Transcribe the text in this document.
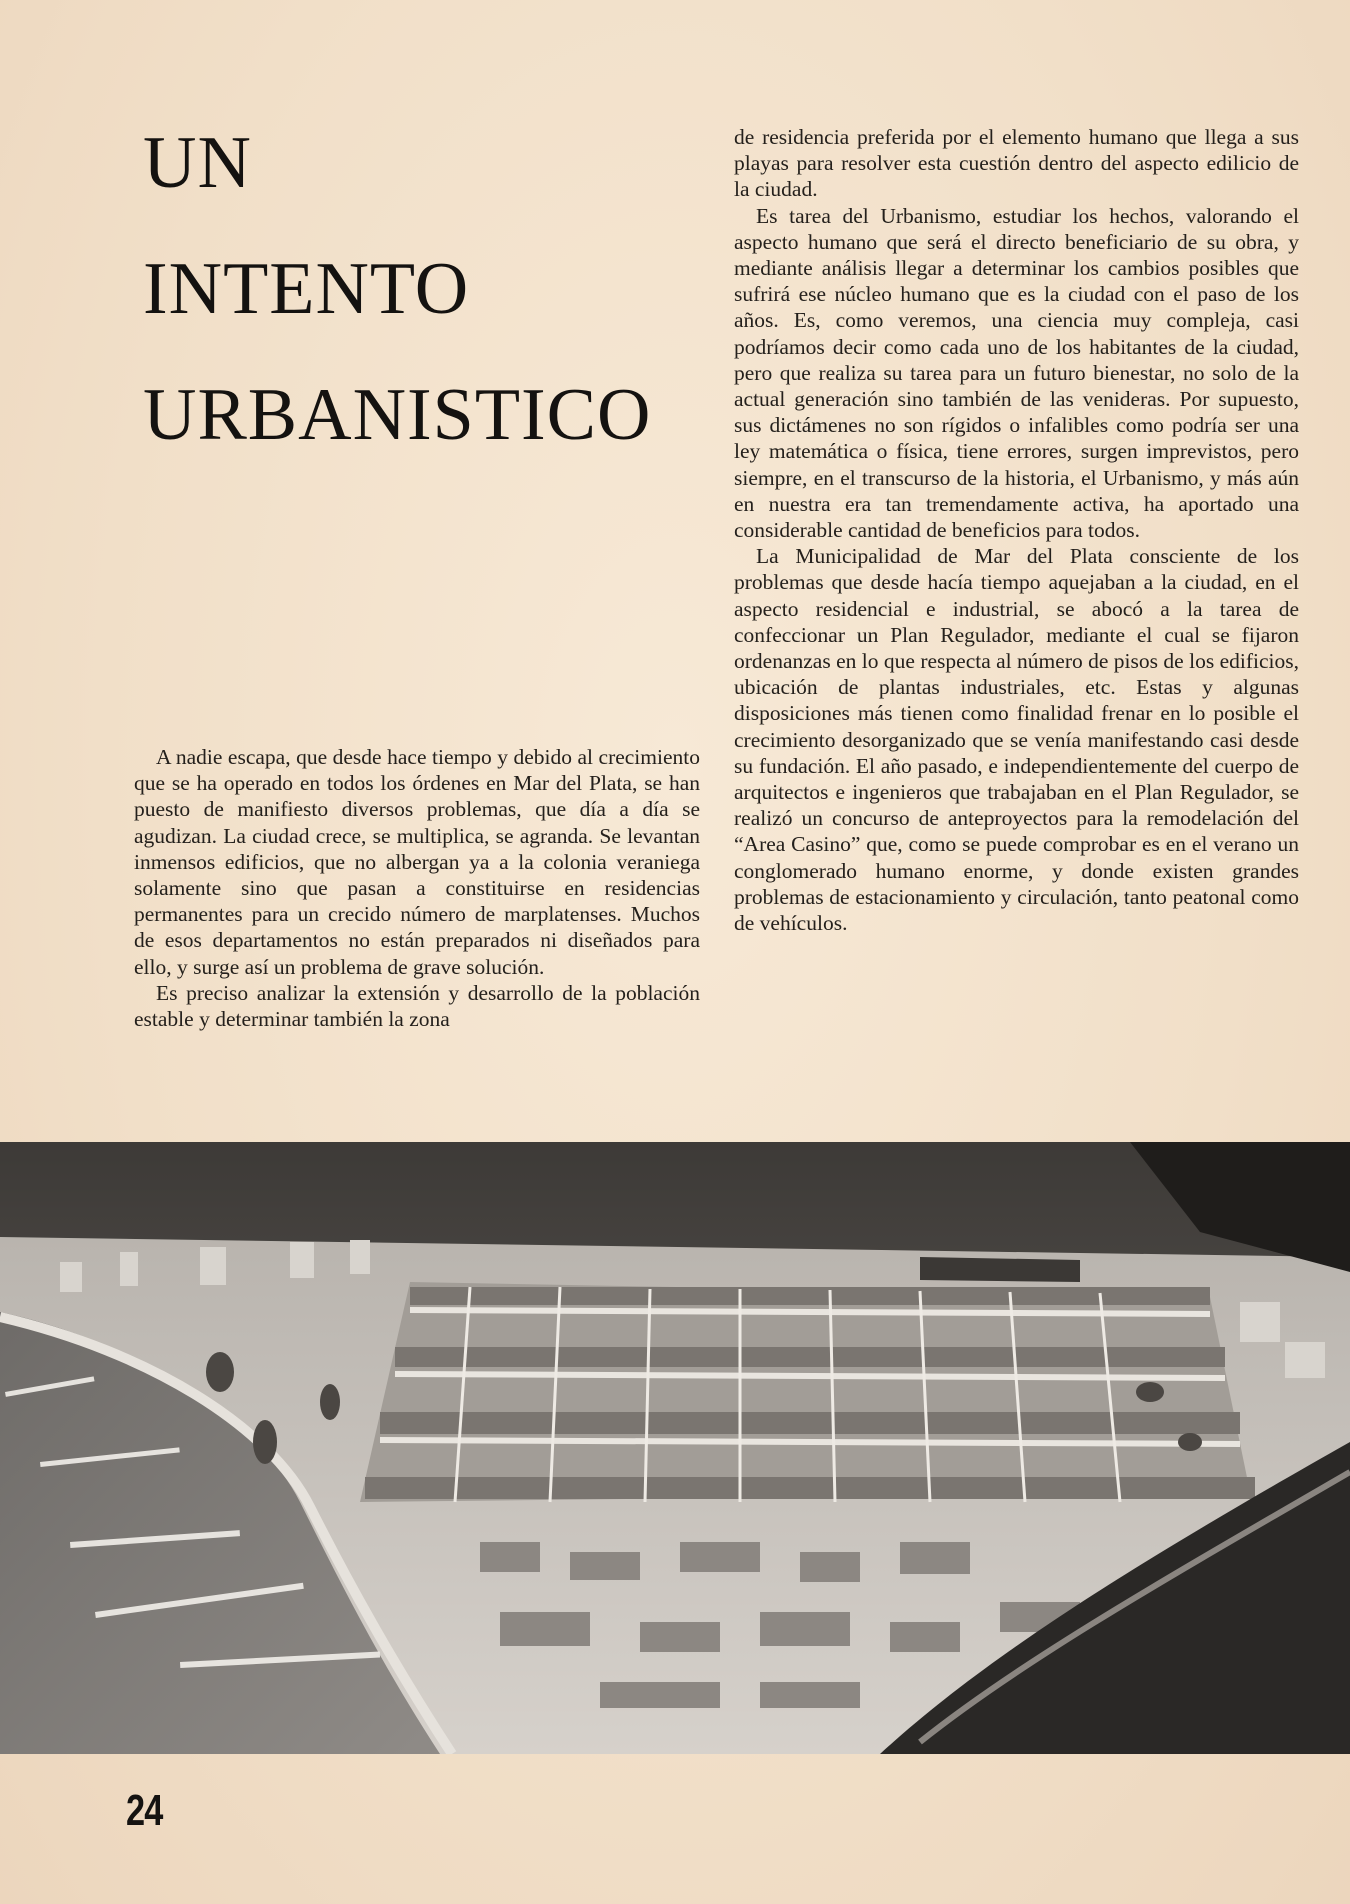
UN
INTENTO
URBANISTICO

A nadie escapa, que desde hace tiempo y debido al crecimiento que se ha operado en todos los órdenes en Mar del Plata, se han puesto de manifiesto diversos problemas, que día a día se agudizan. La ciudad crece, se multiplica, se agranda. Se levantan inmensos edificios, que no albergan ya a la colonia veraniega solamente sino que pasan a constituirse en residencias permanentes para un crecido número de marplatenses. Muchos de esos departamentos no están preparados ni diseñados para ello, y surge así un problema de grave solución.

Es preciso analizar la extensión y desarrollo de la población estable y determinar también la zona

de residencia preferida por el elemento humano que llega a sus playas para resolver esta cuestión dentro del aspecto edilicio de la ciudad.

Es tarea del Urbanismo, estudiar los hechos, valorando el aspecto humano que será el directo beneficiario de su obra, y mediante análisis llegar a determinar los cambios posibles que sufrirá ese núcleo humano que es la ciudad con el paso de los años. Es, como veremos, una ciencia muy compleja, casi podríamos decir como cada uno de los habitantes de la ciudad, pero que realiza su tarea para un futuro bienestar, no solo de la actual generación sino también de las venideras. Por supuesto, sus dictámenes no son rígidos o infalibles como podría ser una ley matemática o física, tiene errores, surgen imprevistos, pero siempre, en el transcurso de la historia, el Urbanismo, y más aún en nuestra era tan tremendamente activa, ha aportado una considerable cantidad de beneficios para todos.

La Municipalidad de Mar del Plata consciente de los problemas que desde hacía tiempo aquejaban a la ciudad, en el aspecto residencial e industrial, se abocó a la tarea de confeccionar un Plan Regulador, mediante el cual se fijaron ordenanzas en lo que respecta al número de pisos de los edificios, ubicación de plantas industriales, etc. Estas y algunas disposiciones más tienen como finalidad frenar en lo posible el crecimiento desorganizado que se venía manifestando casi desde su fundación. El año pasado, e independientemente del cuerpo de arquitectos e ingenieros que trabajaban en el Plan Regulador, se realizó un concurso de anteproyectos para la remodelación del “Area Casino” que, como se puede comprobar es en el verano un conglomerado humano enorme, y donde existen grandes problemas de estacionamiento y circulación, tanto peatonal como de vehículos.

24
